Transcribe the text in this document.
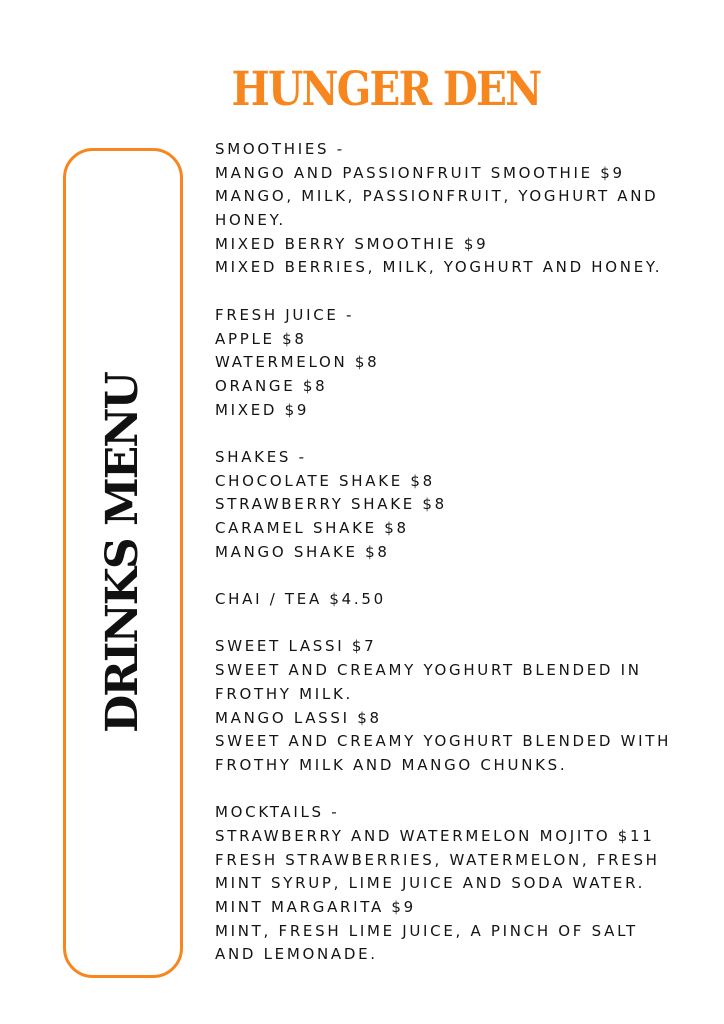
HUNGER DEN
DRINKS MENU
SMOOTHIES -
MANGO AND PASSIONFRUIT SMOOTHIE $9
MANGO, MILK, PASSIONFRUIT, YOGHURT AND
HONEY.
MIXED BERRY SMOOTHIE $9
MIXED BERRIES, MILK, YOGHURT AND HONEY.
FRESH JUICE -
APPLE $8
WATERMELON $8
ORANGE $8
MIXED $9
SHAKES -
CHOCOLATE SHAKE $8
STRAWBERRY SHAKE $8
CARAMEL SHAKE $8
MANGO SHAKE $8
CHAI / TEA $4.50
SWEET LASSI $7
SWEET AND CREAMY YOGHURT BLENDED IN
FROTHY MILK.
MANGO LASSI $8
SWEET AND CREAMY YOGHURT BLENDED WITH
FROTHY MILK AND MANGO CHUNKS.
MOCKTAILS -
STRAWBERRY AND WATERMELON MOJITO $11
FRESH STRAWBERRIES, WATERMELON, FRESH
MINT SYRUP, LIME JUICE AND SODA WATER.
MINT MARGARITA $9
MINT, FRESH LIME JUICE, A PINCH OF SALT
AND LEMONADE.
